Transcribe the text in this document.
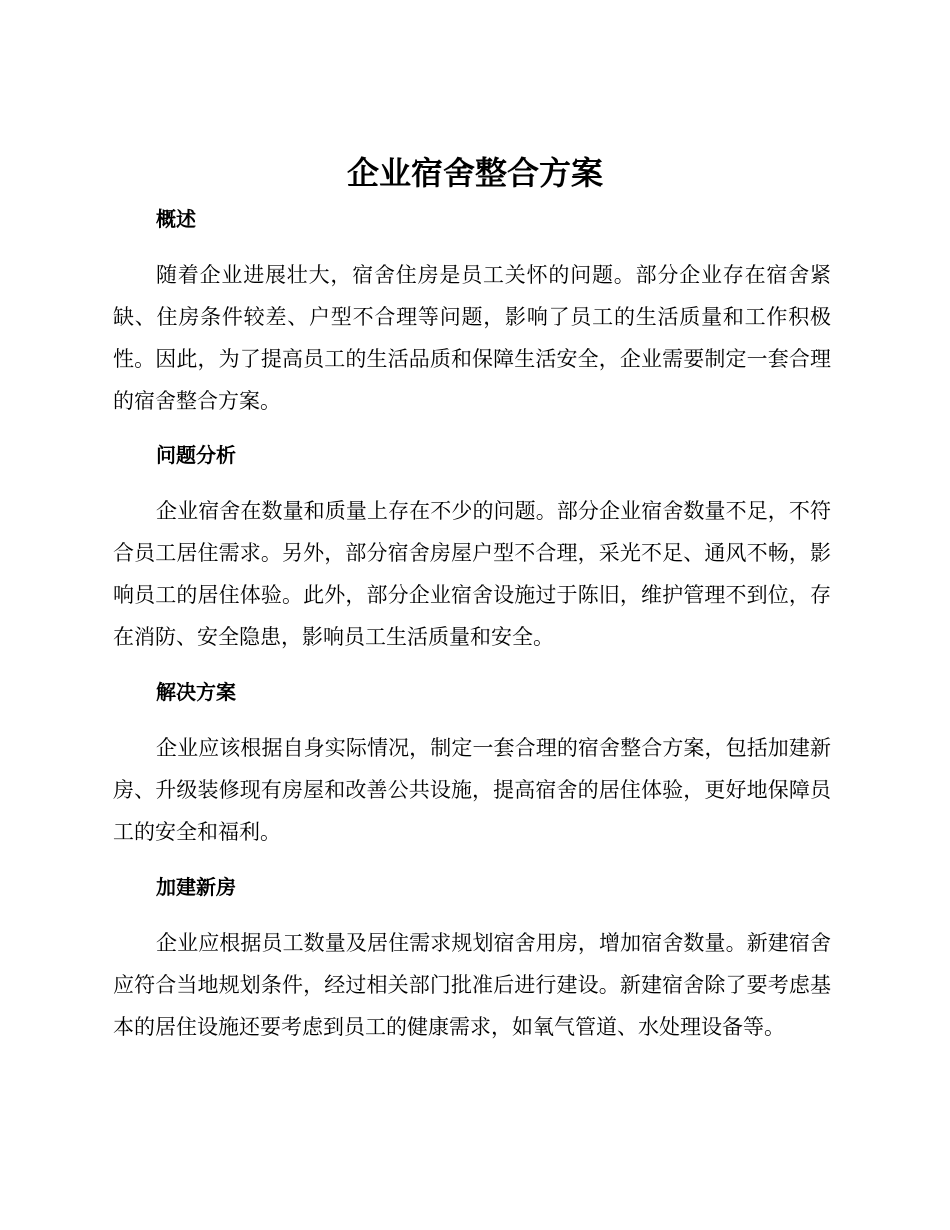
企业宿舍整合方案
概述

随着企业进展壮大，宿舍住房是员工关怀的问题。部分企业存在宿舍紧缺、住房条件较差、户型不合理等问题，影响了员工的生活质量和工作积极性。因此，为了提高员工的生活品质和保障生活安全，企业需要制定一套合理的宿舍整合方案。

问题分析

企业宿舍在数量和质量上存在不少的问题。部分企业宿舍数量不足，不符合员工居住需求。另外，部分宿舍房屋户型不合理，采光不足、通风不畅，影响员工的居住体验。此外，部分企业宿舍设施过于陈旧，维护管理不到位，存在消防、安全隐患，影响员工生活质量和安全。

解决方案

企业应该根据自身实际情况，制定一套合理的宿舍整合方案，包括加建新房、升级装修现有房屋和改善公共设施，提高宿舍的居住体验，更好地保障员工的安全和福利。

加建新房

企业应根据员工数量及居住需求规划宿舍用房，增加宿舍数量。新建宿舍应符合当地规划条件，经过相关部门批准后进行建设。新建宿舍除了要考虑基本的居住设施还要考虑到员工的健康需求，如氧气管道、水处理设备等。
